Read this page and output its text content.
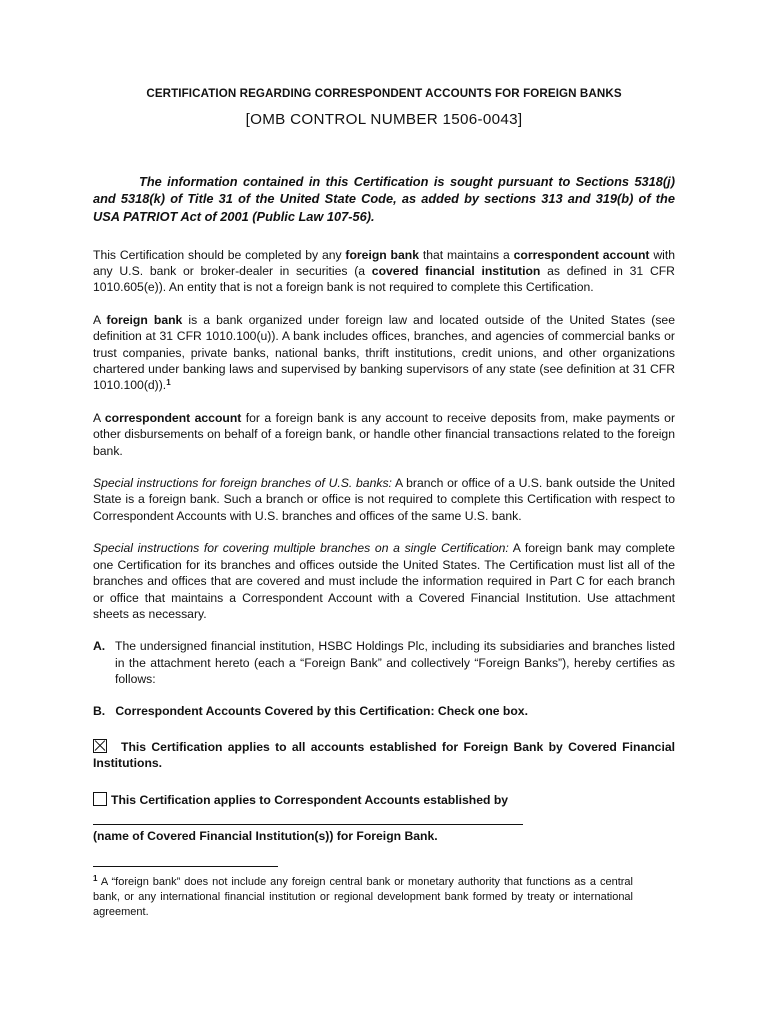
CERTIFICATION REGARDING CORRESPONDENT ACCOUNTS FOR FOREIGN BANKS

[OMB CONTROL NUMBER 1506-0043]

The information contained in this Certification is sought pursuant to Sections 5318(j) and 5318(k) of Title 31 of the United State Code, as added by sections 313 and 319(b) of the USA PATRIOT Act of 2001 (Public Law 107-56).

This Certification should be completed by any foreign bank that maintains a correspondent account with any U.S. bank or broker-dealer in securities (a covered financial institution as defined in 31 CFR 1010.605(e)). An entity that is not a foreign bank is not required to complete this Certification.

A foreign bank is a bank organized under foreign law and located outside of the United States (see definition at 31 CFR 1010.100(u)). A bank includes offices, branches, and agencies of commercial banks or trust companies, private banks, national banks, thrift institutions, credit unions, and other organizations chartered under banking laws and supervised by banking supervisors of any state (see definition at 31 CFR 1010.100(d)).$^1$

A correspondent account for a foreign bank is any account to receive deposits from, make payments or other disbursements on behalf of a foreign bank, or handle other financial transactions related to the foreign bank.

Special instructions for foreign branches of U.S. banks: A branch or office of a U.S. bank outside the United State is a foreign bank. Such a branch or office is not required to complete this Certification with respect to Correspondent Accounts with U.S. branches and offices of the same U.S. bank.

Special instructions for covering multiple branches on a single Certification: A foreign bank may complete one Certification for its branches and offices outside the United States. The Certification must list all of the branches and offices that are covered and must include the information required in Part C for each branch or office that maintains a Correspondent Account with a Covered Financial Institution. Use attachment sheets as necessary.

A. The undersigned financial institution, HSBC Holdings Plc, including its subsidiaries and branches listed in the attachment hereto (each a “Foreign Bank” and collectively “Foreign Banks”), hereby certifies as follows:

B.   Correspondent Accounts Covered by this Certification: Check one box.

This Certification applies to all accounts established for Foreign Bank by Covered Financial Institutions.

This Certification applies to Correspondent Accounts established by

(name of Covered Financial Institution(s)) for Foreign Bank.

$^1$ A “foreign bank” does not include any foreign central bank or monetary authority that functions as a central bank, or any international financial institution or regional development bank formed by treaty or international agreement.
